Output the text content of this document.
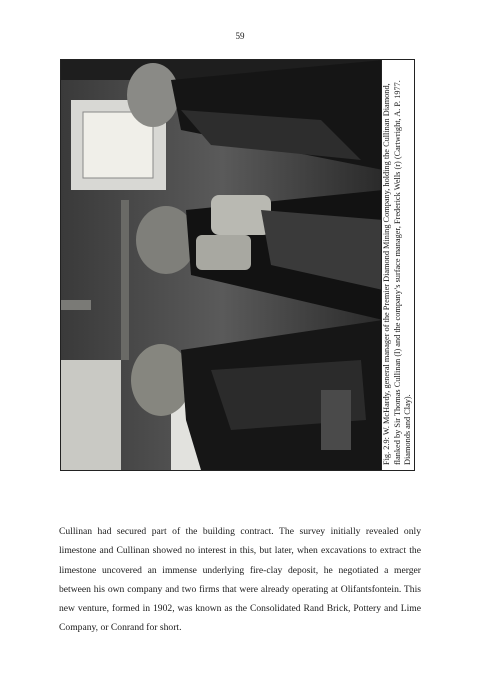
59
Fig. 2.9: W. McHardy, general manager of the Premier Diamond Mining Company, holding the Cullinan Diamond, flanked by Sir Thomas Cullinan (l) and the company’s surface manager, Frederick Wells (r) (Cartwright, A. P. 1977. Diamonds and Clay).
Cullinan had secured part of the building contract. The survey initially revealed only limestone and Cullinan showed no interest in this, but later, when excavations to extract the limestone uncovered an immense underlying fire-clay deposit, he negotiated a merger between his own company and two firms that were already operating at Olifantsfontein. This new venture, formed in 1902, was known as the Consolidated Rand Brick, Pottery and Lime Company, or Conrand for short.
